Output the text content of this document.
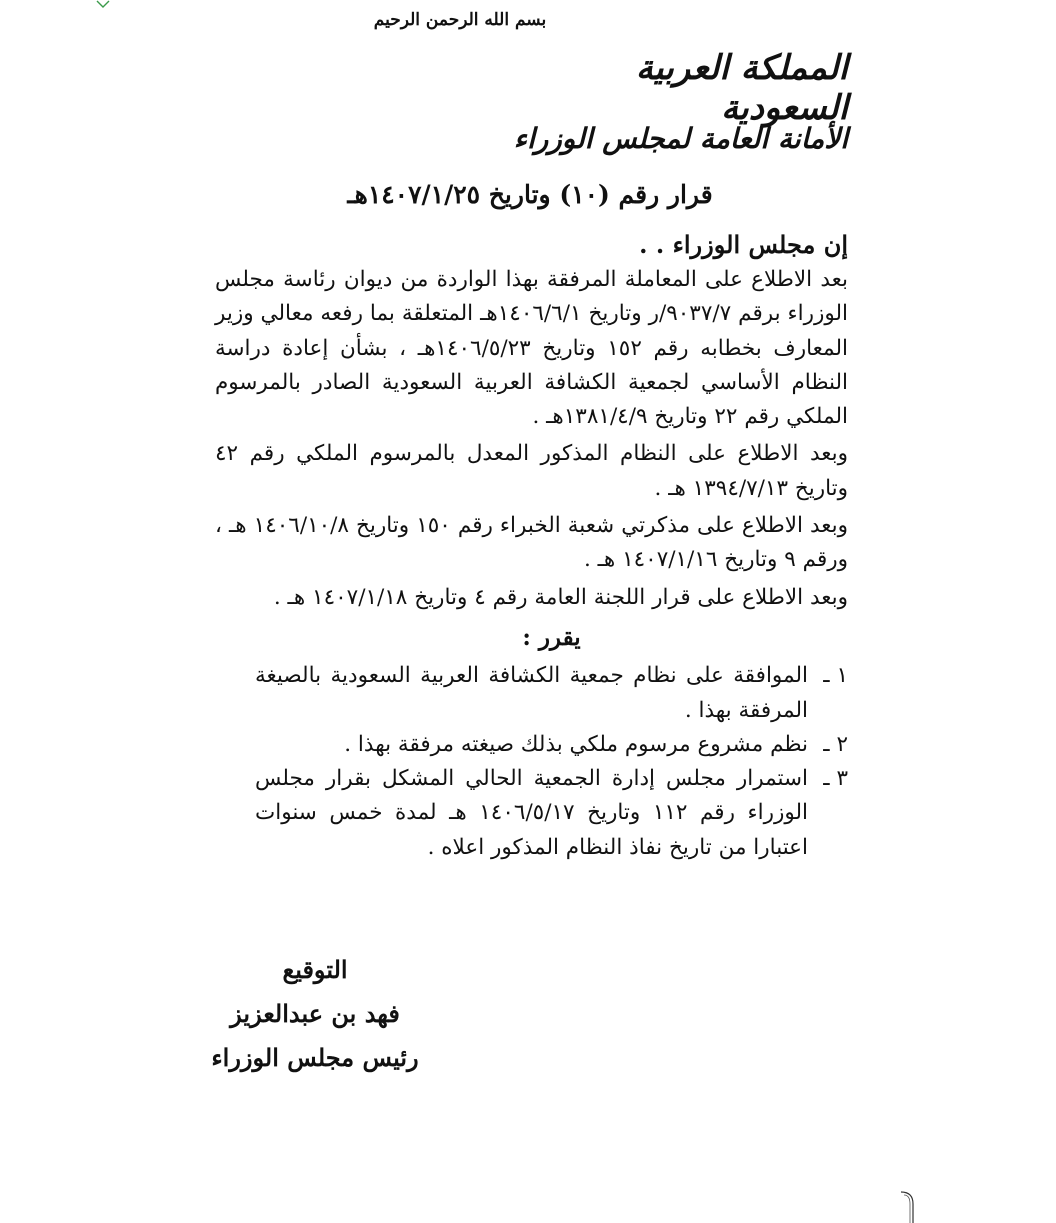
بسم الله الرحمن الرحيم
المملكة العربية السعودية
الأمانة العامة لمجلس الوزراء
قرار رقم (١٠) وتاريخ ١٤٠٧/١/٢٥هـ
إن مجلس الوزراء . .

بعد الاطلاع على المعاملة المرفقة بهذا الواردة من ديوان رئاسة مجلس الوزراء برقم ٩٠٣٧/٧/ر وتاريخ ١٤٠٦/٦/١هـ المتعلقة بما رفعه معالي وزير المعارف بخطابه رقم ١٥٢ وتاريخ ١٤٠٦/٥/٢٣هـ ، بشأن إعادة دراسة النظام الأساسي لجمعية الكشافة العربية السعودية الصادر بالمرسوم الملكي رقم ٢٢ وتاريخ ١٣٨١/٤/٩هـ .

وبعد الاطلاع على النظام المذكور المعدل بالمرسوم الملكي رقم ٤٢ وتاريخ ١٣٩٤/٧/١٣ هـ .

وبعد الاطلاع على مذكرتي شعبة الخبراء رقم ١٥٠ وتاريخ ١٤٠٦/١٠/٨ هـ ، ورقم ٩ وتاريخ ١٤٠٧/١/١٦ هـ .

وبعد الاطلاع على قرار اللجنة العامة رقم ٤ وتاريخ ١٤٠٧/١/١٨ هـ .

يقرر :
١ ـ
الموافقة على نظام جمعية الكشافة العربية السعودية بالصيغة المرفقة بهذا .
٢ ـ
نظم مشروع مرسوم ملكي بذلك صيغته مرفقة بهذا .
٣ ـ
استمرار مجلس إدارة الجمعية الحالي المشكل بقرار مجلس الوزراء رقم ١١٢ وتاريخ ١٤٠٦/٥/١٧ هـ لمدة خمس سنوات اعتبارا من تاريخ نفاذ النظام المذكور اعلاه .
التوقيع
فهد بن عبدالعزيز
رئيس مجلس الوزراء
